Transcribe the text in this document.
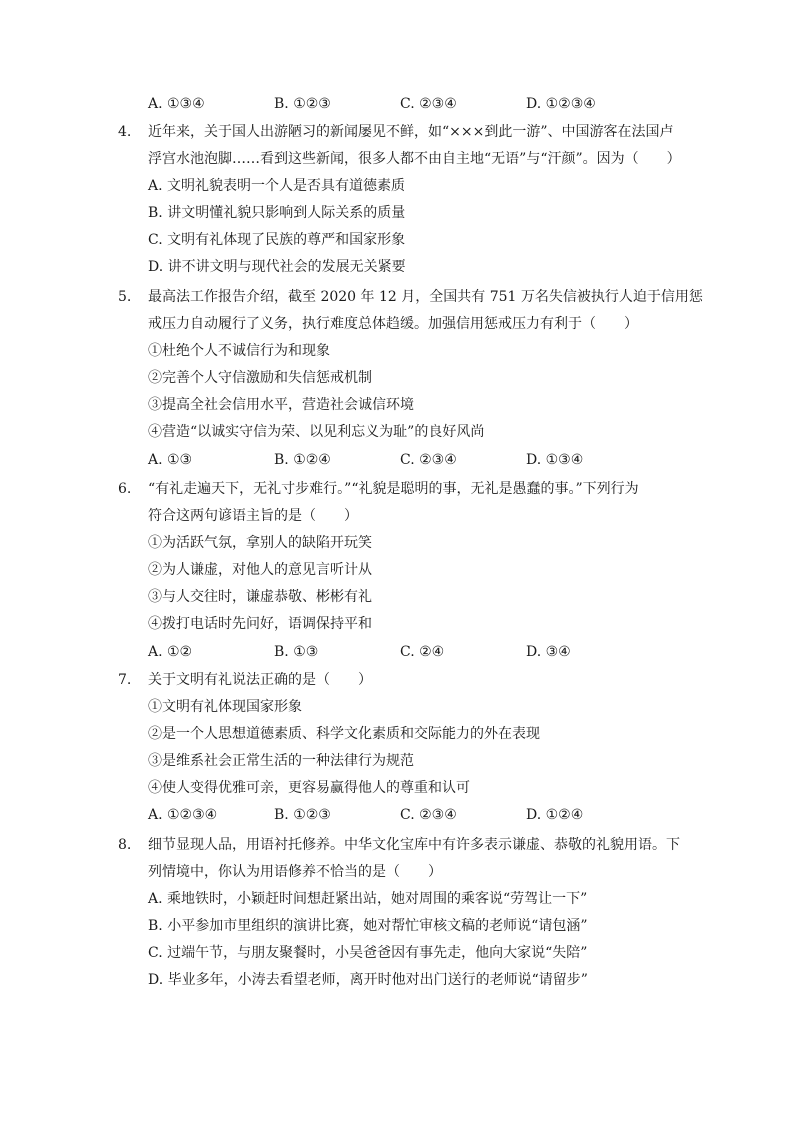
A. ①③④	B. ①②③	C. ②③④	D. ①②③④
4.	近年来，关于国人出游陋习的新闻屡见不鲜，如“×××到此一游”、中国游客在法国卢
浮宫水池泡脚……看到这些新闻，很多人都不由自主地“无语”与“汗颜”。因为（　　）
A. 文明礼貌表明一个人是否具有道德素质
B. 讲文明懂礼貌只影响到人际关系的质量
C. 文明有礼体现了民族的尊严和国家形象
D. 讲不讲文明与现代社会的发展无关紧要
5.	最高法工作报告介绍，截至 2020 年 12 月，全国共有 751 万名失信被执行人迫于信用惩
戒压力自动履行了义务，执行难度总体趋缓。加强信用惩戒压力有利于（　　）
①杜绝个人不诚信行为和现象
②完善个人守信激励和失信惩戒机制
③提高全社会信用水平，营造社会诚信环境
④营造“以诚实守信为荣、以见利忘义为耻”的良好风尚
A. ①③	B. ①②④	C. ②③④	D. ①③④
6.	“有礼走遍天下，无礼寸步难行。”“礼貌是聪明的事，无礼是愚蠢的事。”下列行为
符合这两句谚语主旨的是（　　）
①为活跃气氛，拿别人的缺陷开玩笑
②为人谦虚，对他人的意见言听计从
③与人交往时，谦虚恭敬、彬彬有礼
④拨打电话时先问好，语调保持平和
A. ①②	B. ①③	C. ②④	D. ③④
7.	关于文明有礼说法正确的是（　　）
①文明有礼体现国家形象
②是一个人思想道德素质、科学文化素质和交际能力的外在表现
③是维系社会正常生活的一种法律行为规范
④使人变得优雅可亲，更容易赢得他人的尊重和认可
A. ①②③④	B. ①②③	C. ②③④	D. ①②④
8.	细节显现人品，用语衬托修养。中华文化宝库中有许多表示谦虚、恭敬的礼貌用语。下
列情境中，你认为用语修养不恰当的是（　　）
A. 乘地铁时，小颖赶时间想赶紧出站，她对周围的乘客说“劳驾让一下”
B. 小平参加市里组织的演讲比赛，她对帮忙审核文稿的老师说“请包涵”
C. 过端午节，与朋友聚餐时，小吴爸爸因有事先走，他向大家说“失陪”
D. 毕业多年，小涛去看望老师，离开时他对出门送行的老师说“请留步”
